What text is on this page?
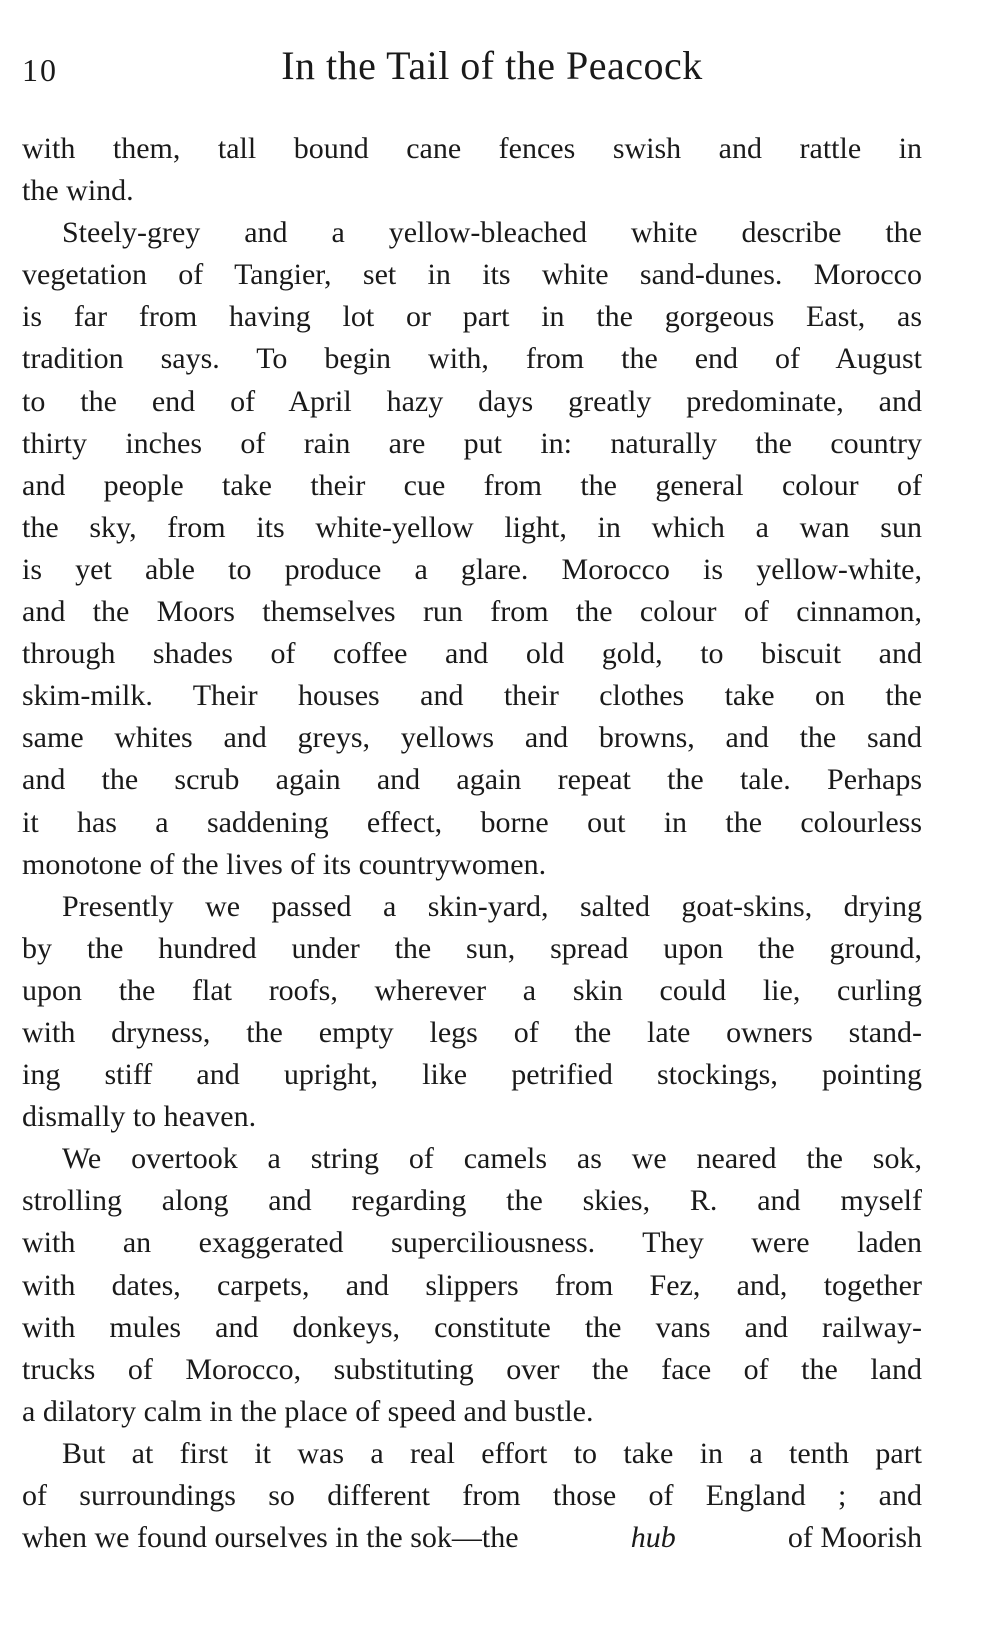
10	In the Tail of the Peacock
with them, tall bound cane fences swish and rattle in
the wind.
Steely-grey and a yellow-bleached white describe the
vegetation of Tangier, set in its white sand-dunes. Morocco
is far from having lot or part in the gorgeous East, as
tradition says. To begin with, from the end of August
to the end of April hazy days greatly predominate, and
thirty inches of rain are put in: naturally the country
and people take their cue from the general colour of
the sky, from its white-yellow light, in which a wan sun
is yet able to produce a glare. Morocco is yellow-white,
and the Moors themselves run from the colour of cinnamon,
through shades of coffee and old gold, to biscuit and
skim-milk. Their houses and their clothes take on the
same whites and greys, yellows and browns, and the sand
and the scrub again and again repeat the tale. Perhaps
it has a saddening effect, borne out in the colourless
monotone of the lives of its countrywomen.
Presently we passed a skin-yard, salted goat-skins, drying
by the hundred under the sun, spread upon the ground,
upon the flat roofs, wherever a skin could lie, curling
with dryness, the empty legs of the late owners stand-
ing stiff and upright, like petrified stockings, pointing
dismally to heaven.
We overtook a string of camels as we neared the sok,
strolling along and regarding the skies, R. and myself
with an exaggerated superciliousness. They were laden
with dates, carpets, and slippers from Fez, and, together
with mules and donkeys, constitute the vans and railway-
trucks of Morocco, substituting over the face of the land
a dilatory calm in the place of speed and bustle.
But at first it was a real effort to take in a tenth part
of surroundings so different from those of England ; and
when we found ourselves in the sok—the	hub	of Moorish
